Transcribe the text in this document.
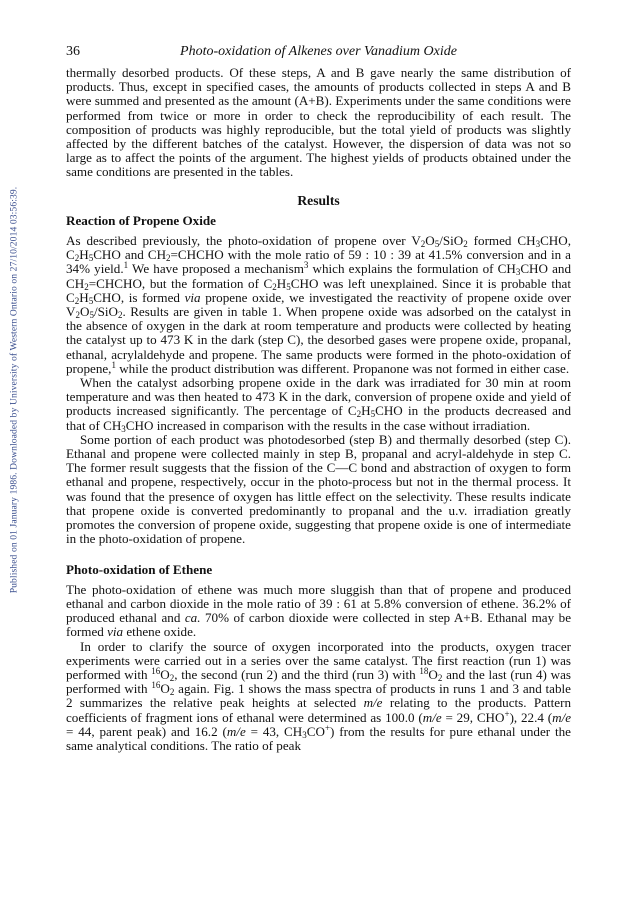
Published on 01 January 1986. Downloaded by University of Western Ontario on 27/10/2014 03:56:39.
36	Photo-oxidation of Alkenes over Vanadium Oxide

thermally desorbed products. Of these steps, A and B gave nearly the same distribution of products. Thus, except in specified cases, the amounts of products collected in steps A and B were summed and presented as the amount (A+B). Experiments under the same conditions were performed from twice or more in order to check the reproducibility of each result. The composition of products was highly reproducible, but the total yield of products was slightly affected by the different batches of the catalyst. However, the dispersion of data was not so large as to affect the points of the argument. The highest yields of products obtained under the same conditions are presented in the tables.

Results
Reaction of Propene Oxide

As described previously, the photo-oxidation of propene over $V_2O_5/SiO_2$ formed $CH_3CHO$, $C_2H_5CHO$ and $CH_2=CHCHO$ with the mole ratio of 59 : 10 : 39 at 41.5% conversion and in a 34% yield.$^1$ We have proposed a mechanism$^3$ which explains the formulation of $CH_3CHO$ and $CH_2=CHCHO$, but the formation of $C_2H_5CHO$ was left unexplained. Since it is probable that $C_2H_5CHO$, is formed via propene oxide, we investigated the reactivity of propene oxide over $V_2O_5/SiO_2$. Results are given in table 1. When propene oxide was adsorbed on the catalyst in the absence of oxygen in the dark at room temperature and products were collected by heating the catalyst up to 473 K in the dark (step C), the desorbed gases were propene oxide, propanal, ethanal, acrylaldehyde and propene. The same products were formed in the photo-oxidation of propene,$^1$ while the product distribution was different. Propanone was not formed in either case.

When the catalyst adsorbing propene oxide in the dark was irradiated for 30 min at room temperature and was then heated to 473 K in the dark, conversion of propene oxide and yield of products increased significantly. The percentage of $C_2H_5CHO$ in the products decreased and that of $CH_3CHO$ increased in comparison with the results in the case without irradiation.

Some portion of each product was photodesorbed (step B) and thermally desorbed (step C). Ethanal and propene were collected mainly in step B, propanal and acryl-aldehyde in step C. The former result suggests that the fission of the C—C bond and abstraction of oxygen to form ethanal and propene, respectively, occur in the photo-process but not in the thermal process. It was found that the presence of oxygen has little effect on the selectivity. These results indicate that propene oxide is converted predominantly to propanal and the u.v. irradiation greatly promotes the conversion of propene oxide, suggesting that propene oxide is one of intermediate in the photo-oxidation of propene.

Photo-oxidation of Ethene

The photo-oxidation of ethene was much more sluggish than that of propene and produced ethanal and carbon dioxide in the mole ratio of 39 : 61 at 5.8% conversion of ethene. 36.2% of produced ethanal and ca. 70% of carbon dioxide were collected in step A+B. Ethanal may be formed via ethene oxide.

In order to clarify the source of oxygen incorporated into the products, oxygen tracer experiments were carried out in a series over the same catalyst. The first reaction (run 1) was performed with $^{16}O_2$, the second (run 2) and the third (run 3) with $^{18}O_2$ and the last (run 4) was performed with $^{16}O_2$ again. Fig. 1 shows the mass spectra of products in runs 1 and 3 and table 2 summarizes the relative peak heights at selected m/e relating to the products. Pattern coefficients of fragment ions of ethanal were determined as 100.0 (m/e = 29, CHO+), 22.4 (m/e = 44, parent peak) and 16.2 (m/e = 43, $CH_3CO^+$) from the results for pure ethanal under the same analytical conditions. The ratio of peak
